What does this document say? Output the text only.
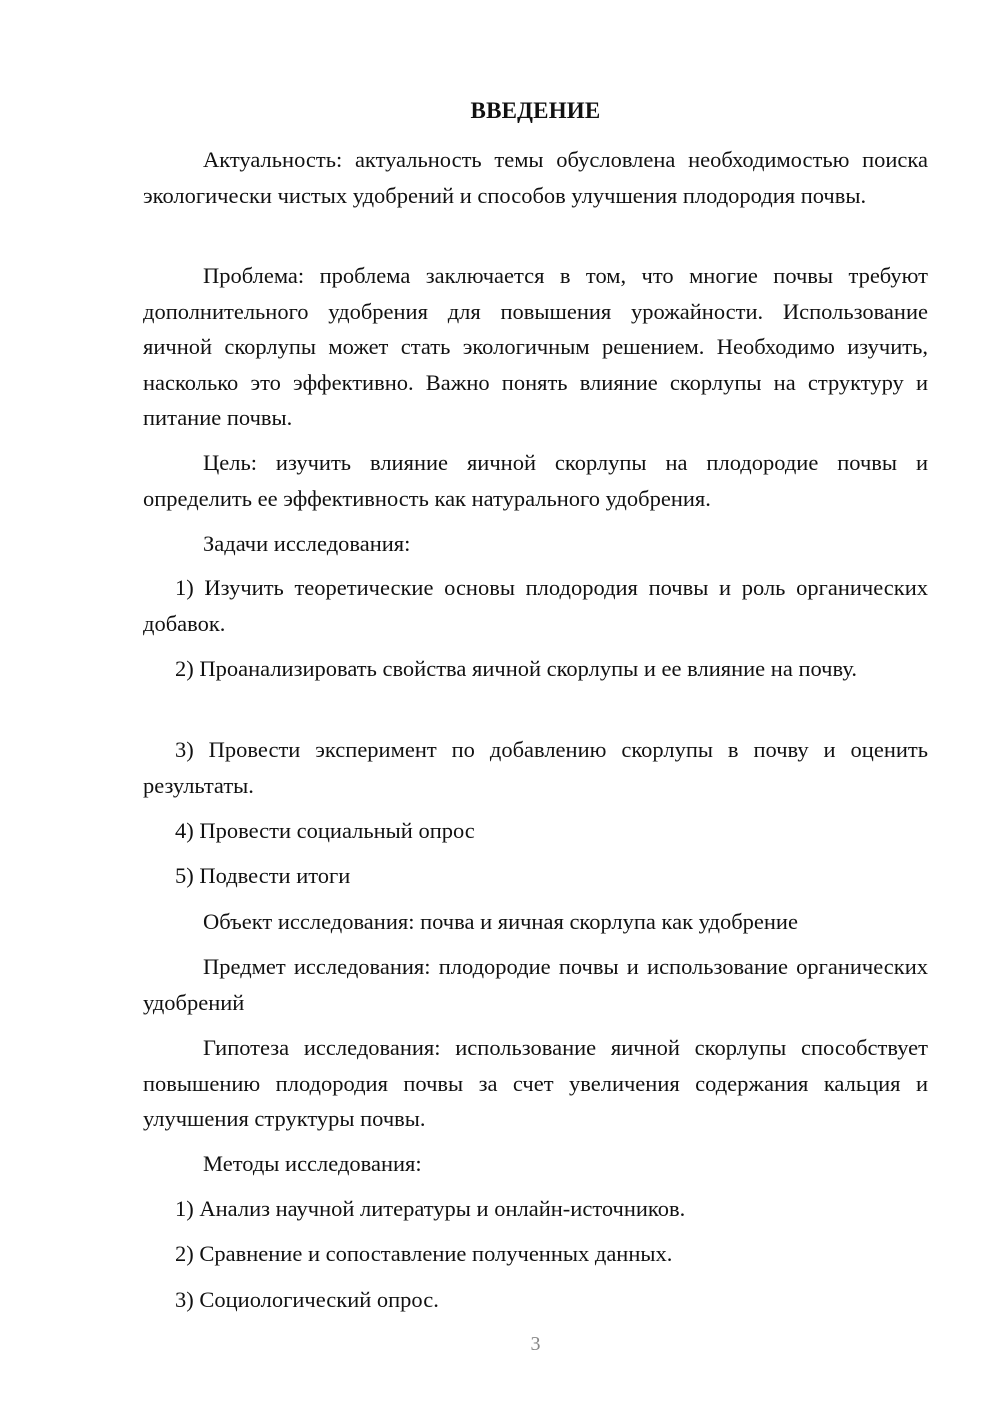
ВВЕДЕНИЕ

Актуальность: актуальность темы обусловлена необходимостью поиска экологически чистых удобрений и способов улучшения плодородия почвы.

Проблема: проблема заключается в том, что многие почвы требуют дополнительного удобрения для повышения урожайности. Использование яичной скорлупы может стать экологичным решением. Необходимо изучить, насколько это эффективно. Важно понять влияние скорлупы на структуру и питание почвы.

Цель: изучить влияние яичной скорлупы на плодородие почвы и определить ее эффективность как натурального удобрения.

Задачи исследования:

1) Изучить теоретические основы плодородия почвы и роль органических добавок.

2) Проанализировать свойства яичной скорлупы и ее влияние на почву.

3) Провести эксперимент по добавлению скорлупы в почву и оценить результаты.

4) Провести социальный опрос

5) Подвести итоги

Объект исследования: почва и яичная скорлупа как удобрение

Предмет исследования: плодородие почвы и использование органических удобрений

Гипотеза исследования: использование яичной скорлупы способствует повышению плодородия почвы за счет увеличения содержания кальция и улучшения структуры почвы.

Методы исследования:

1) Анализ научной литературы и онлайн-источников.

2) Сравнение и сопоставление полученных данных.

3) Социологический опрос.

3
